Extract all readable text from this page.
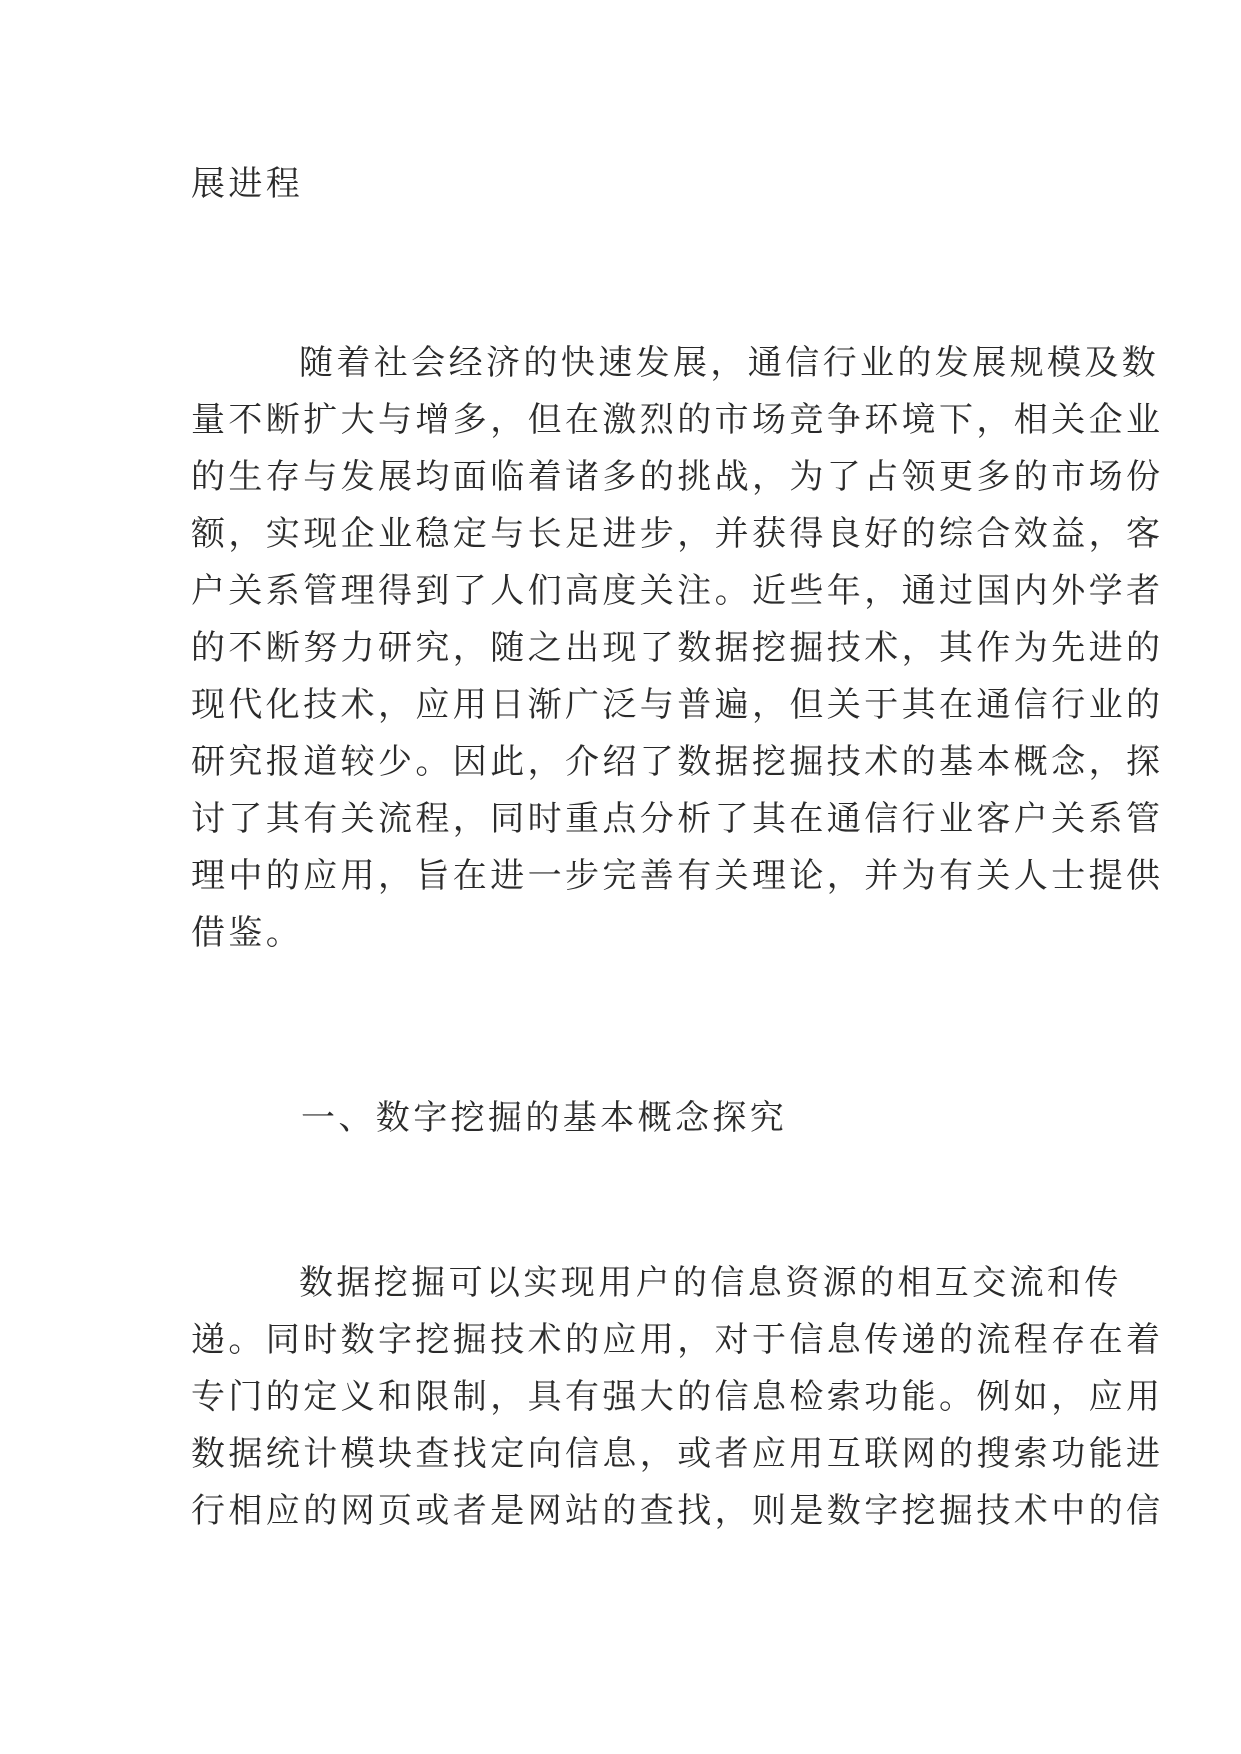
展进程
随着社会经济的快速发展，通信行业的发展规模及数
量不断扩大与增多，但在激烈的市场竞争环境下，相关企业
的生存与发展均面临着诸多的挑战，为了占领更多的市场份
额，实现企业稳定与长足进步，并获得良好的综合效益，客
户关系管理得到了人们高度关注。近些年，通过国内外学者
的不断努力研究，随之出现了数据挖掘技术，其作为先进的
现代化技术，应用日渐广泛与普遍，但关于其在通信行业的
研究报道较少。因此，介绍了数据挖掘技术的基本概念，探
讨了其有关流程，同时重点分析了其在通信行业客户关系管
理中的应用，旨在进一步完善有关理论，并为有关人士提供
借鉴。
一、数字挖掘的基本概念探究
数据挖掘可以实现用户的信息资源的相互交流和传
递。同时数字挖掘技术的应用，对于信息传递的流程存在着
专门的定义和限制，具有强大的信息检索功能。例如，应用
数据统计模块查找定向信息，或者应用互联网的搜索功能进
行相应的网页或者是网站的查找，则是数字挖掘技术中的信
